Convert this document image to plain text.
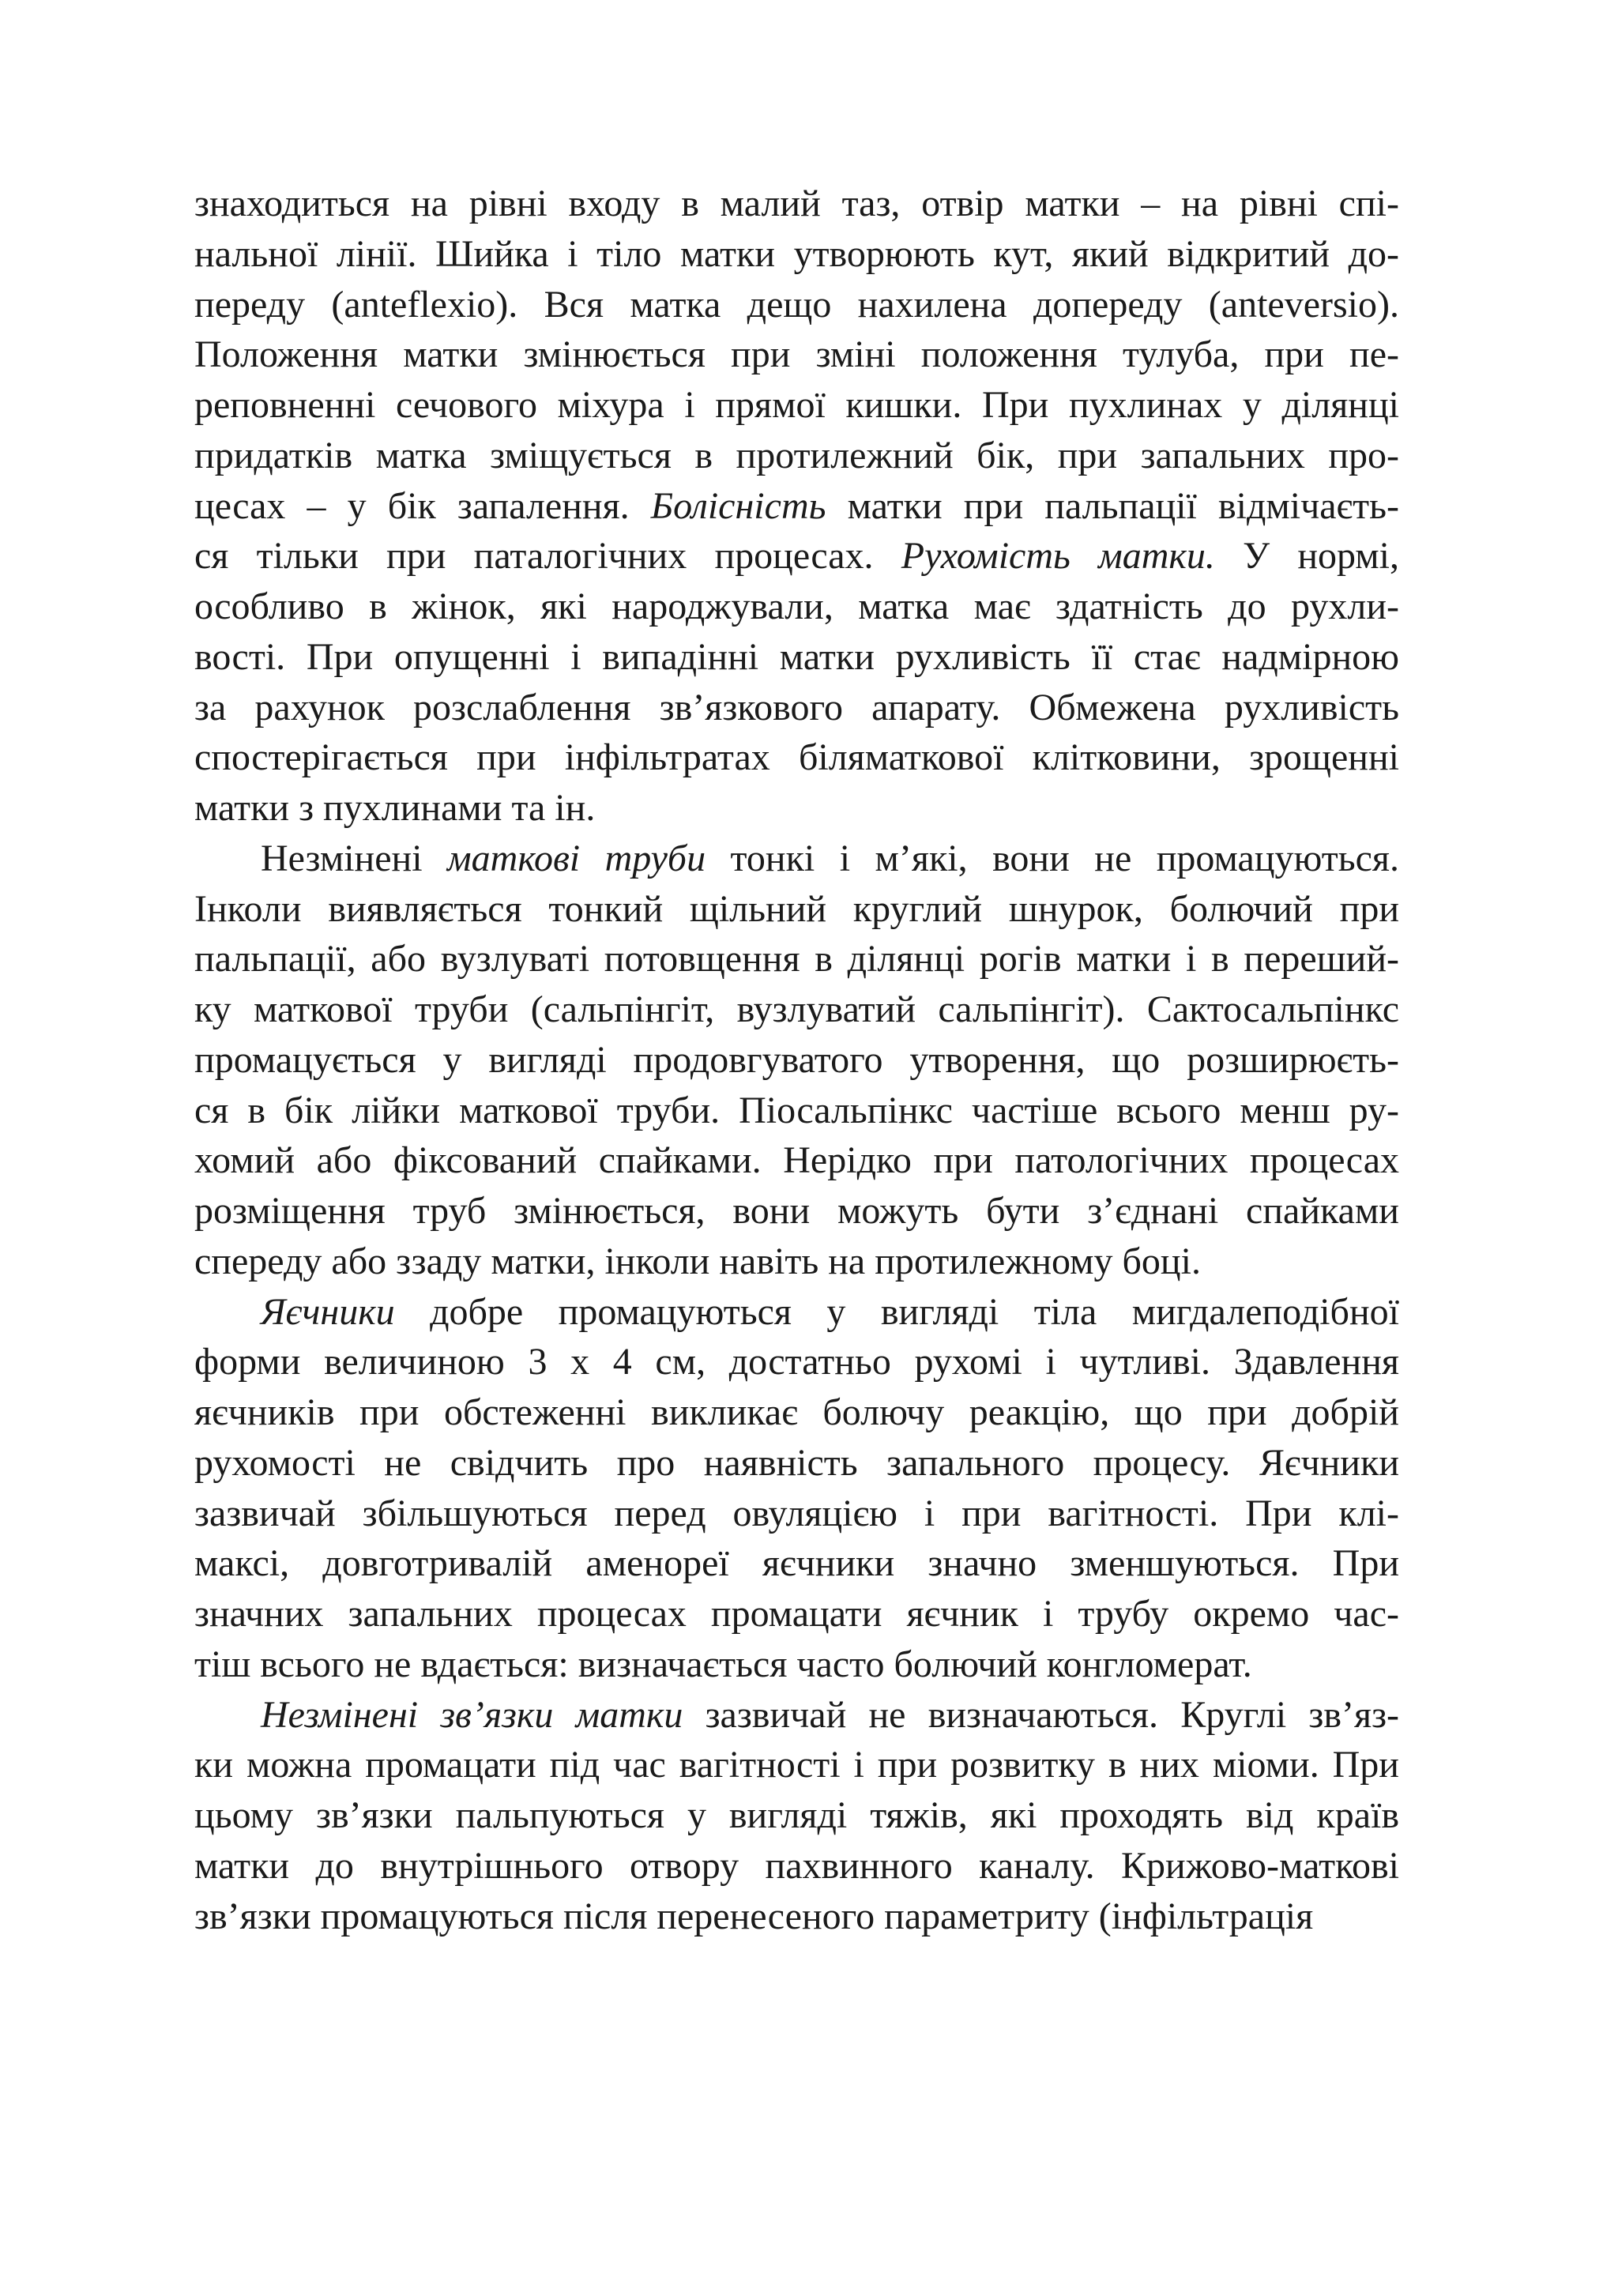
знаходиться на рівні входу в малий таз, отвір матки – на рівні спі-
нальної лінії. Шийка і тіло матки утворюють кут, який відкритий до-
переду (anteflexio). Вся матка дещо нахилена допереду (anteversio).
Положення матки змінюється при зміні положення тулуба, при пе-
реповненні сечового міхура і прямої кишки. При пухлинах у ділянці
придатків матка зміщується в протилежний бік, при запальних про-
цесах – у бік запалення. Болісність матки при пальпації відмічаєть-
ся тільки при паталогічних процесах. Рухомість матки. У нормі,
особливо в жінок, які народжували, матка має здатність до рухли-
вості. При опущенні і випадінні матки рухливість її стає надмірною
за рахунок розслаблення зв’язкового апарату. Обмежена рухливість
спостерігається при інфільтратах біляматкової клітковини, зрощенні
матки з пухлинами та ін.
Незмінені маткові труби тонкі і м’які, вони не промацуються.
Інколи виявляється тонкий щільний круглий шнурок, болючий при
пальпації, або вузлуваті потовщення в ділянці рогів матки і в переший-
ку маткової труби (сальпінгіт, вузлуватий сальпінгіт). Сактосальпінкс
промацується у вигляді продовгуватого утворення, що розширюєть-
ся в бік лійки маткової труби. Піосальпінкс частіше всього менш ру-
хомий або фіксований спайками. Нерідко при патологічних процесах
розміщення труб змінюється, вони можуть бути з’єднані спайками
спереду або ззаду матки, інколи навіть на протилежному боці.
Яєчники добре промацуються у вигляді тіла мигдалеподібної
форми величиною 3 х 4 см, достатньо рухомі і чутливі. Здавлення
яєчників при обстеженні викликає болючу реакцію, що при добрій
рухомості не свідчить про наявність запального процесу. Яєчники
зазвичай збільшуються перед овуляцією і при вагітності. При клі-
максі, довготривалій аменореї яєчники значно зменшуються. При
значних запальних процесах промацати яєчник і трубу окремо час-
тіш всього не вдається: визначається часто болючий конгломерат.
Незмінені зв’язки матки зазвичай не визначаються. Круглі зв’яз-
ки можна промацати під час вагітності і при розвитку в них міоми. При
цьому зв’язки пальпуються у вигляді тяжів, які проходять від країв
матки до внутрішнього отвору пахвинного каналу. Крижово-маткові
зв’язки промацуються після перенесеного параметриту (інфільтрація
